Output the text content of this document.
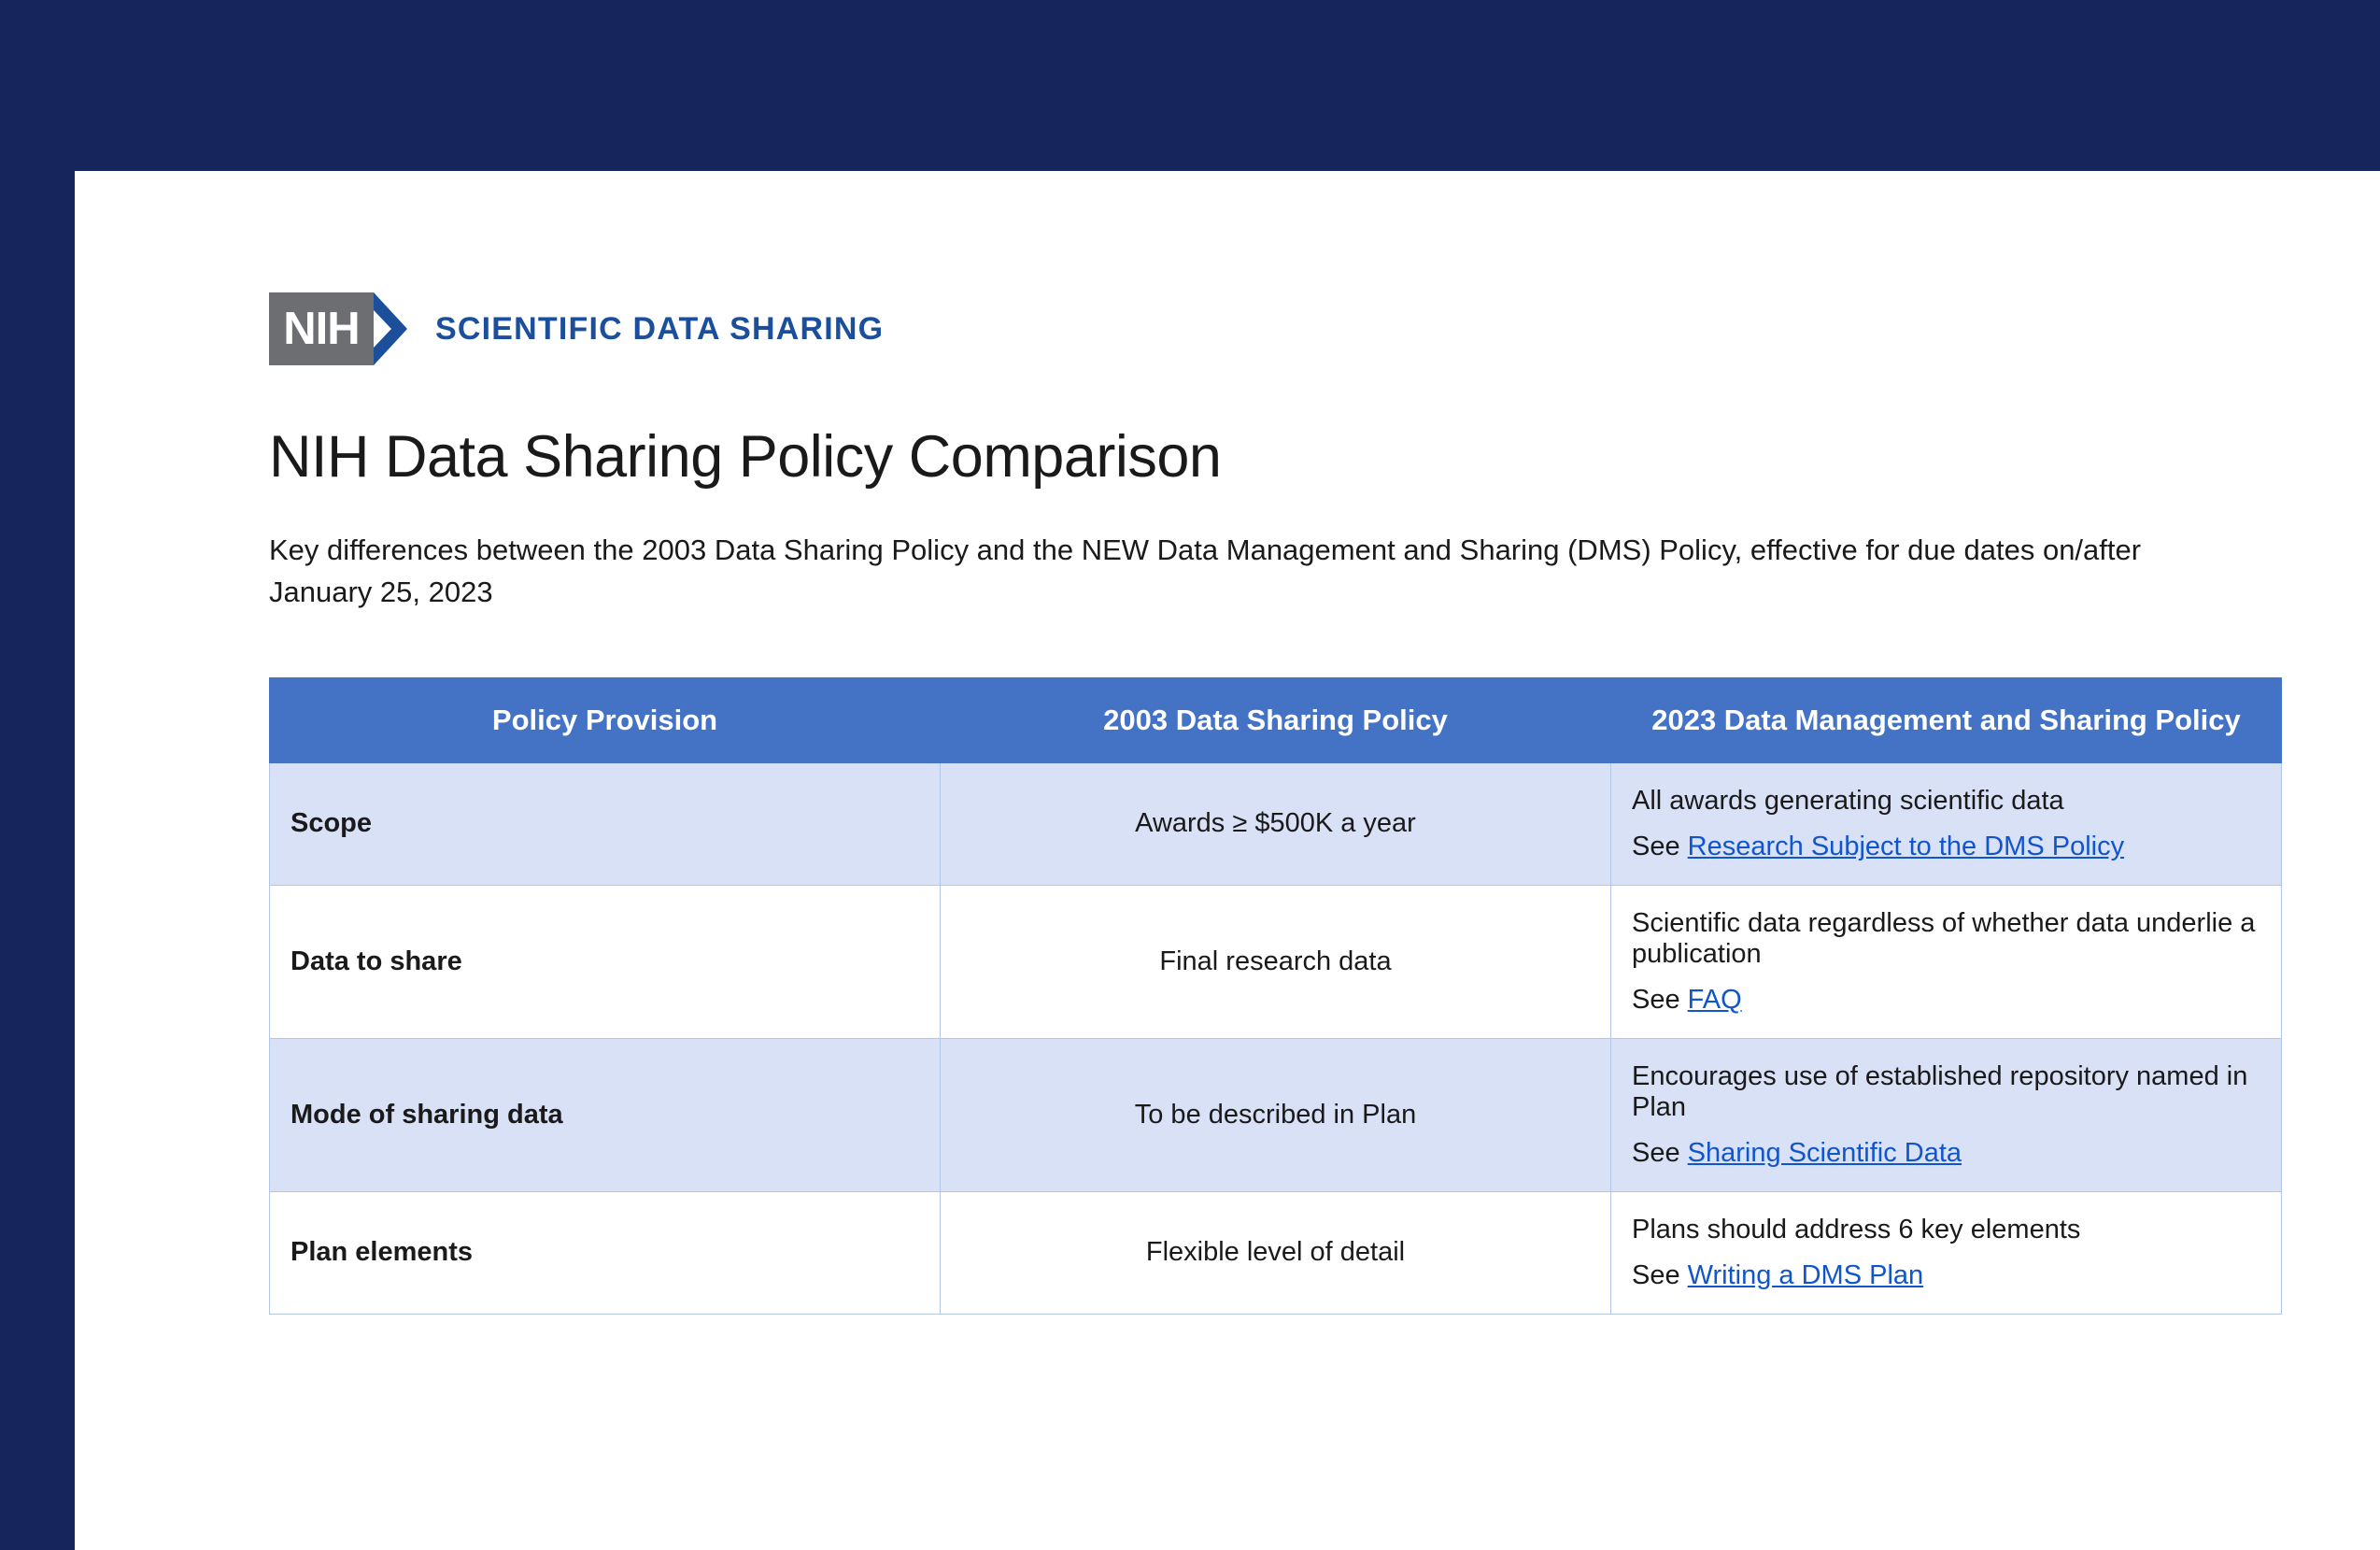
NIH	SCIENTIFIC DATA SHARING
NIH Data Sharing Policy Comparison

Key differences between the 2003 Data Sharing Policy and the NEW Data Management and Sharing (DMS) Policy, effective for due dates on/after January 25, 2023

Policy Provision	2003 Data Sharing Policy	2023 Data Management and Sharing Policy
Scope	Awards ≥ $500K a year	All awards generating scientific data
See Research Subject to the DMS Policy

Data to share	Final research data	Scientific data regardless of whether data underlie a publication
See FAQ

Mode of sharing data	To be described in Plan	Encourages use of established repository named in Plan
See Sharing Scientific Data

Plan elements	Flexible level of detail	Plans should address 6 key elements
See Writing a DMS Plan
